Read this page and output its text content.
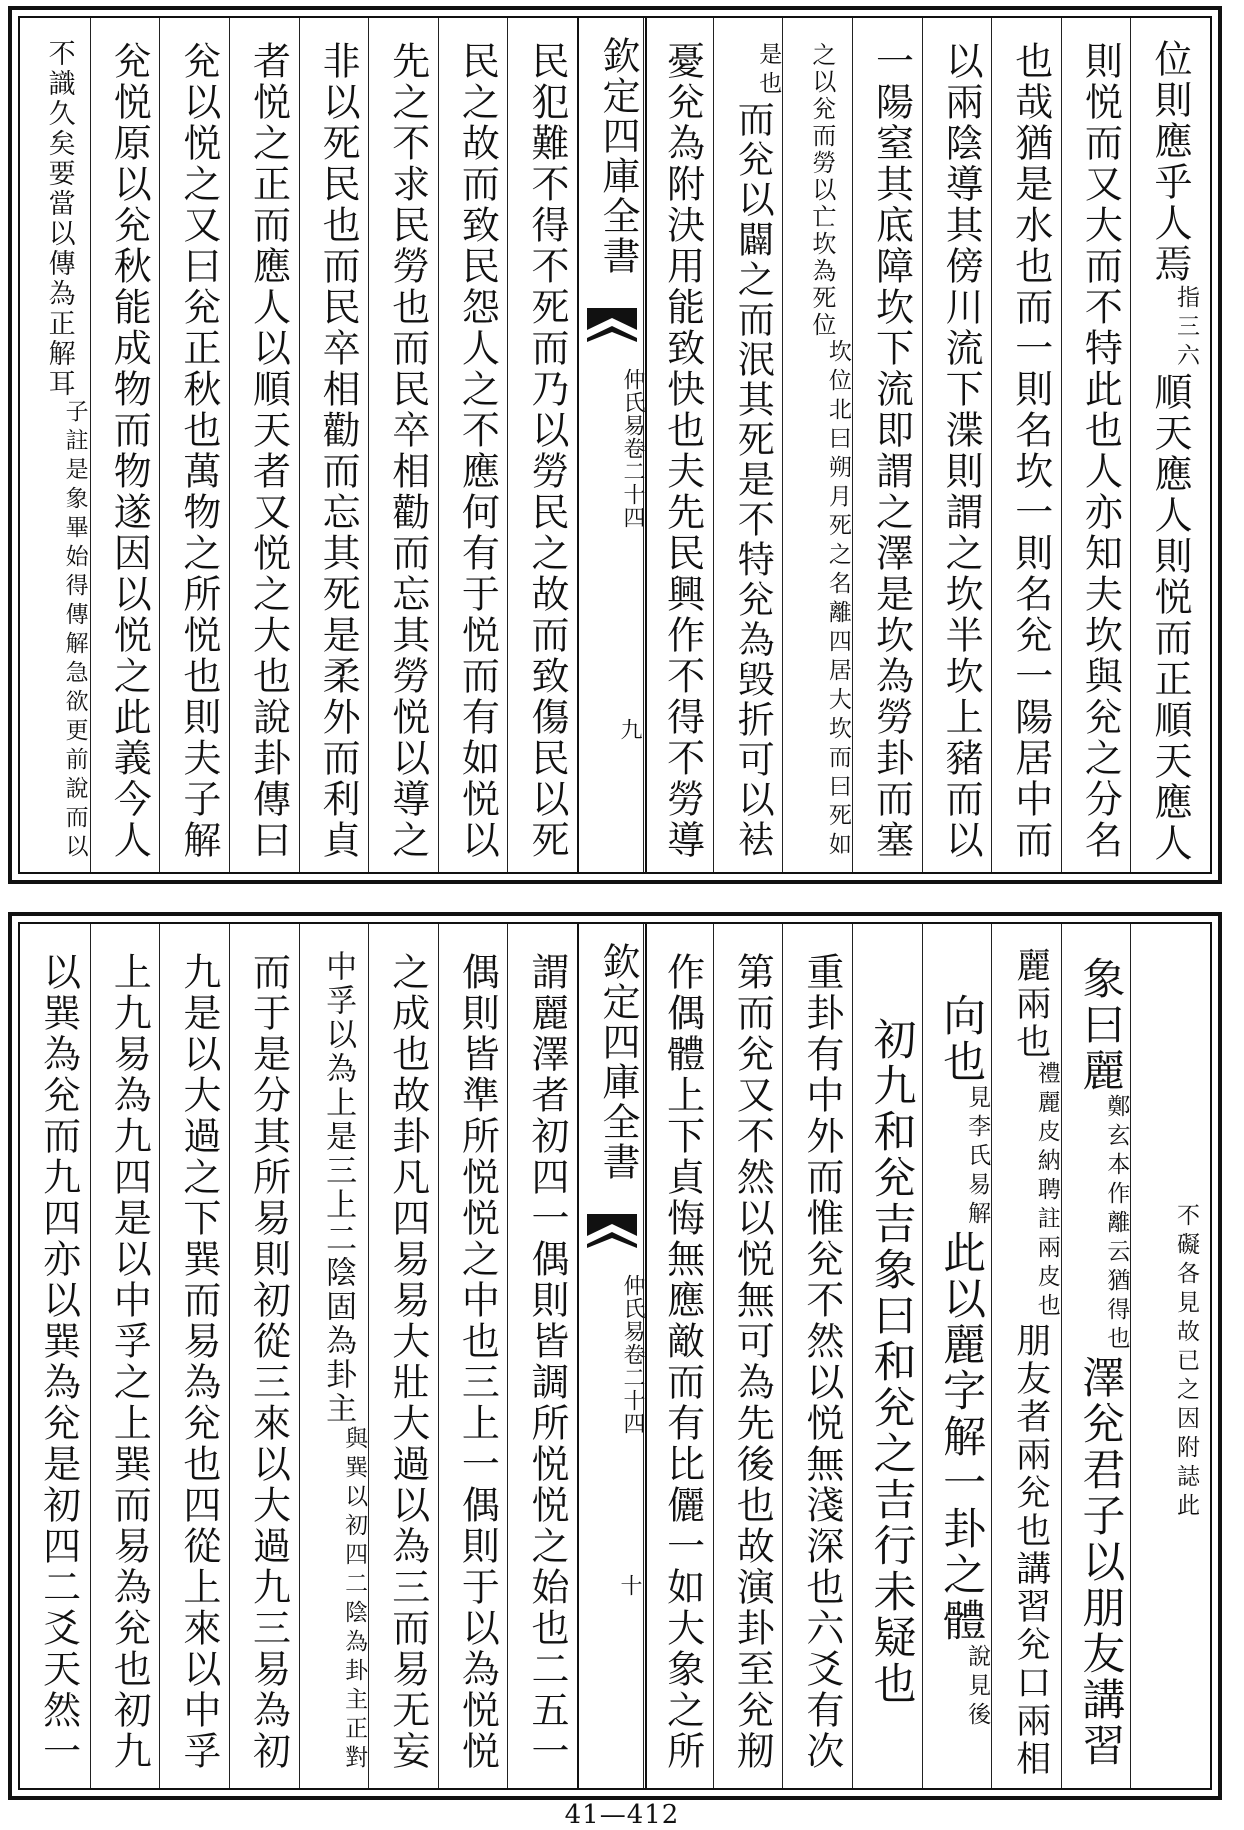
民犯難不得不死而乃以勞民之故而致傷民以死
民之故而致民怨人之不應何有于悦而有如悦以
先之不求民勞也而民卒相勸而忘其勞悦以導之
非以死民也而民卒相勸而忘其死是柔外而利貞
者悦之正而應人以順天者又悦之大也說卦傳曰
兊以悦之又曰兊正秋也萬物之所悦也則夫子解
兊悦原以兊秋能成物而物遂因以悦之此義今人
不識久矣要當以傳為正解耳
子註是象畢始得傳解急欲更前說而以
欽定四庫全書
仲氏易卷二十四
九
位則應乎人焉
指三六
順天應人則悦而正順天應人
則悦而又大而不特此也人亦知夫坎與兊之分名
也哉猶是水也而一則名坎一則名兊一陽居中而
以兩陰導其傍川流下渫則謂之坎半坎上豬而以
一陽窒其底障坎下流即謂之澤是坎為勞卦而塞
之以兊而勞以亡坎為死位
坎位北曰朔月死之名離四居大坎而曰死如
是也
而兊以闢之而泯其死是不特兊為毁折可以袪
憂兊為附決用能致快也夫先民興作不得不勞導
謂麗澤者初四一偶則皆調所悦悦之始也二五一
偶則皆準所悦悦之中也三上一偶則于以為悦悦
之成也故卦凡四易易大壯大過以為三而易无妄
中孚以為上是三上二陰固為卦主
與巽以初四二陰為卦主正對
而于是分其所易則初從三來以大過九三易為初
九是以大過之下巽而易為兊也四從上來以中孚
上九易為九四是以中孚之上巽而易為兊也初九
以巽為兊而九四亦以巽為兊是初四二爻天然一	欽定四庫全書
仲氏易卷二十四
十
不礙各見故已之因附誌此
象曰麗
鄭玄本作離云猶得也
澤兊君子以朋友講習
麗兩也
禮麗皮納聘註兩皮也
朋友者兩兊也講習兊口兩相
向也
見李氏易解
此以麗字解一卦之體
說見後
初九和兊吉象曰和兊之吉行未疑也
重卦有中外而惟兊不然以悦無淺深也六爻有次
第而兊又不然以悦無可為先後也故演卦至兊剏
作偶體上下貞悔無應敵而有比儷一如大象之所
41—412
